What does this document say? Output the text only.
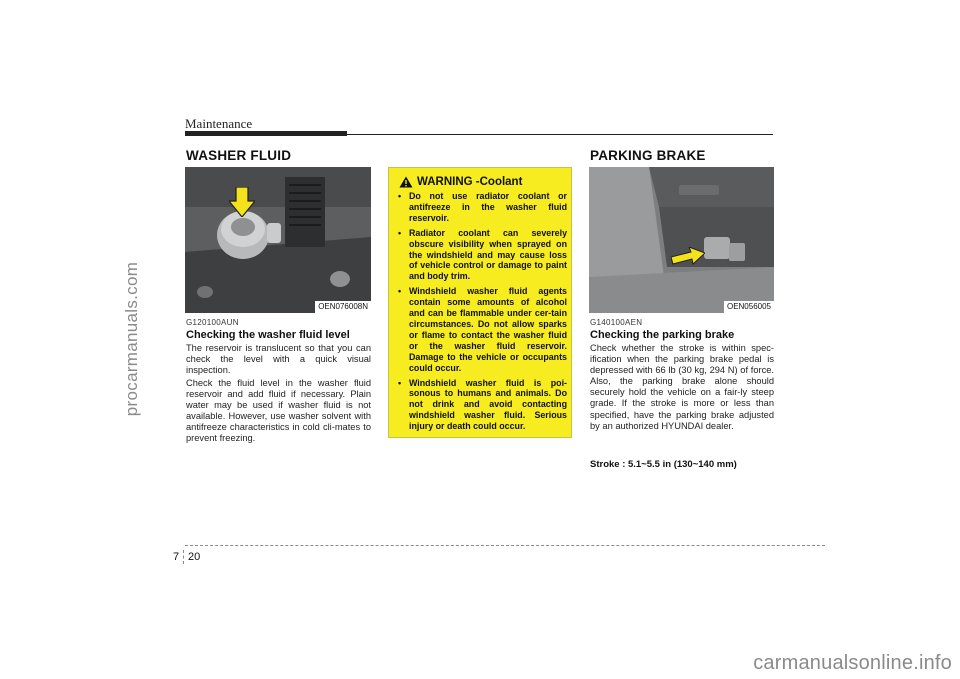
procarmanuals.com
carmanualsonline.info
Maintenance
WASHER FLUID
OEN076008N
G120100AUN
Checking the washer fluid level

The reservoir is translucent so that you can check the level with a quick visual inspection.

Check the fluid level in the washer fluid reservoir and add fluid if necessary. Plain water may be used if washer fluid is not available. However, use washer solvent with antifreeze characteristics in cold cli-mates to prevent freezing.

WARNING - Coolant
• Do not use radiator coolant or antifreeze in the washer fluid reservoir.
• Radiator coolant can severely obscure visibility when sprayed on the windshield and may cause loss of vehicle control or damage to paint and body trim.
• Windshield washer fluid agents contain some amounts of alcohol and can be flammable under cer-tain circumstances. Do not allow sparks or flame to contact the washer fluid or the washer fluid reservoir. Damage to the vehicle or occupants could occur.
• Windshield washer fluid is poi-sonous to humans and animals. Do not drink and avoid contacting windshield washer fluid. Serious injury or death could occur.
PARKING BRAKE
OEN056005
G140100AEN
Checking the parking brake

Check whether the stroke is within spec-ification when the parking brake pedal is depressed with 66 lb (30 kg, 294 N) of force. Also, the parking brake alone should securely hold the vehicle on a fair-ly steep grade. If the stroke is more or less than specified, have the parking brake adjusted by an authorized HYUNDAI dealer.

Stroke : 5.1~5.5 in (130~140 mm)
7 20
